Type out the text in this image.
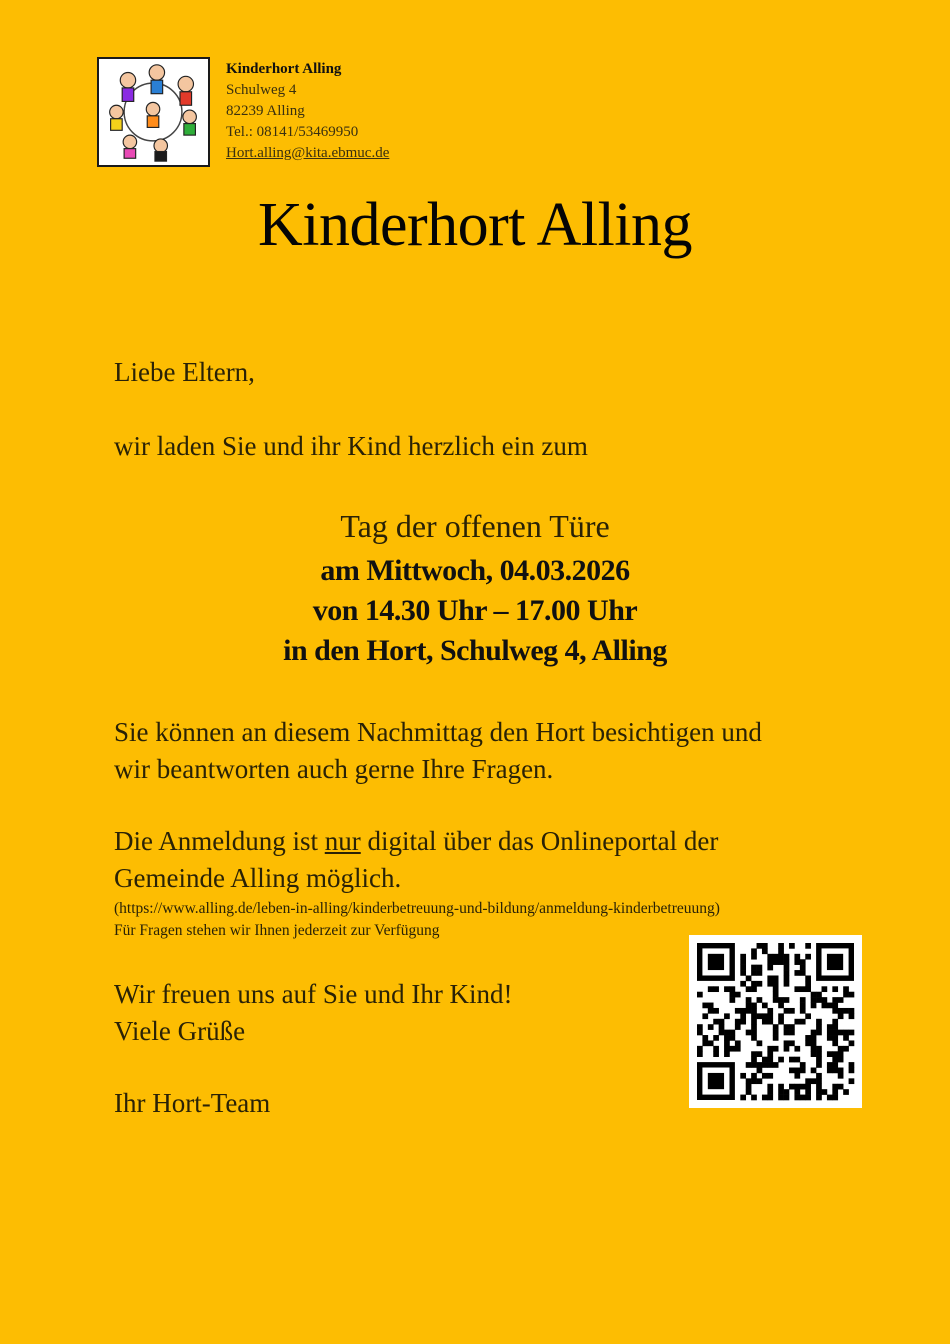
Kinderhort Alling
Schulweg 4
82239 Alling
Tel.: 08141/53469950
Hort.alling@kita.ebmuc.de
Kinderhort Alling
Liebe Eltern,
wir laden Sie und ihr Kind herzlich ein zum
Tag der offenen Türe
am Mittwoch, 04.03.2026
von 14.30 Uhr – 17.00 Uhr
in den Hort, Schulweg 4, Alling
Sie können an diesem Nachmittag den Hort besichtigen und
wir beantworten auch gerne Ihre Fragen.
Die Anmeldung ist nur digital über das Onlineportal der
Gemeinde Alling möglich.
(https://www.alling.de/leben-in-alling/kinderbetreuung-und-bildung/anmeldung-kinderbetreuung)
Für Fragen stehen wir Ihnen jederzeit zur Verfügung
Wir freuen uns auf Sie und Ihr Kind!
Viele Grüße
Ihr Hort-Team
